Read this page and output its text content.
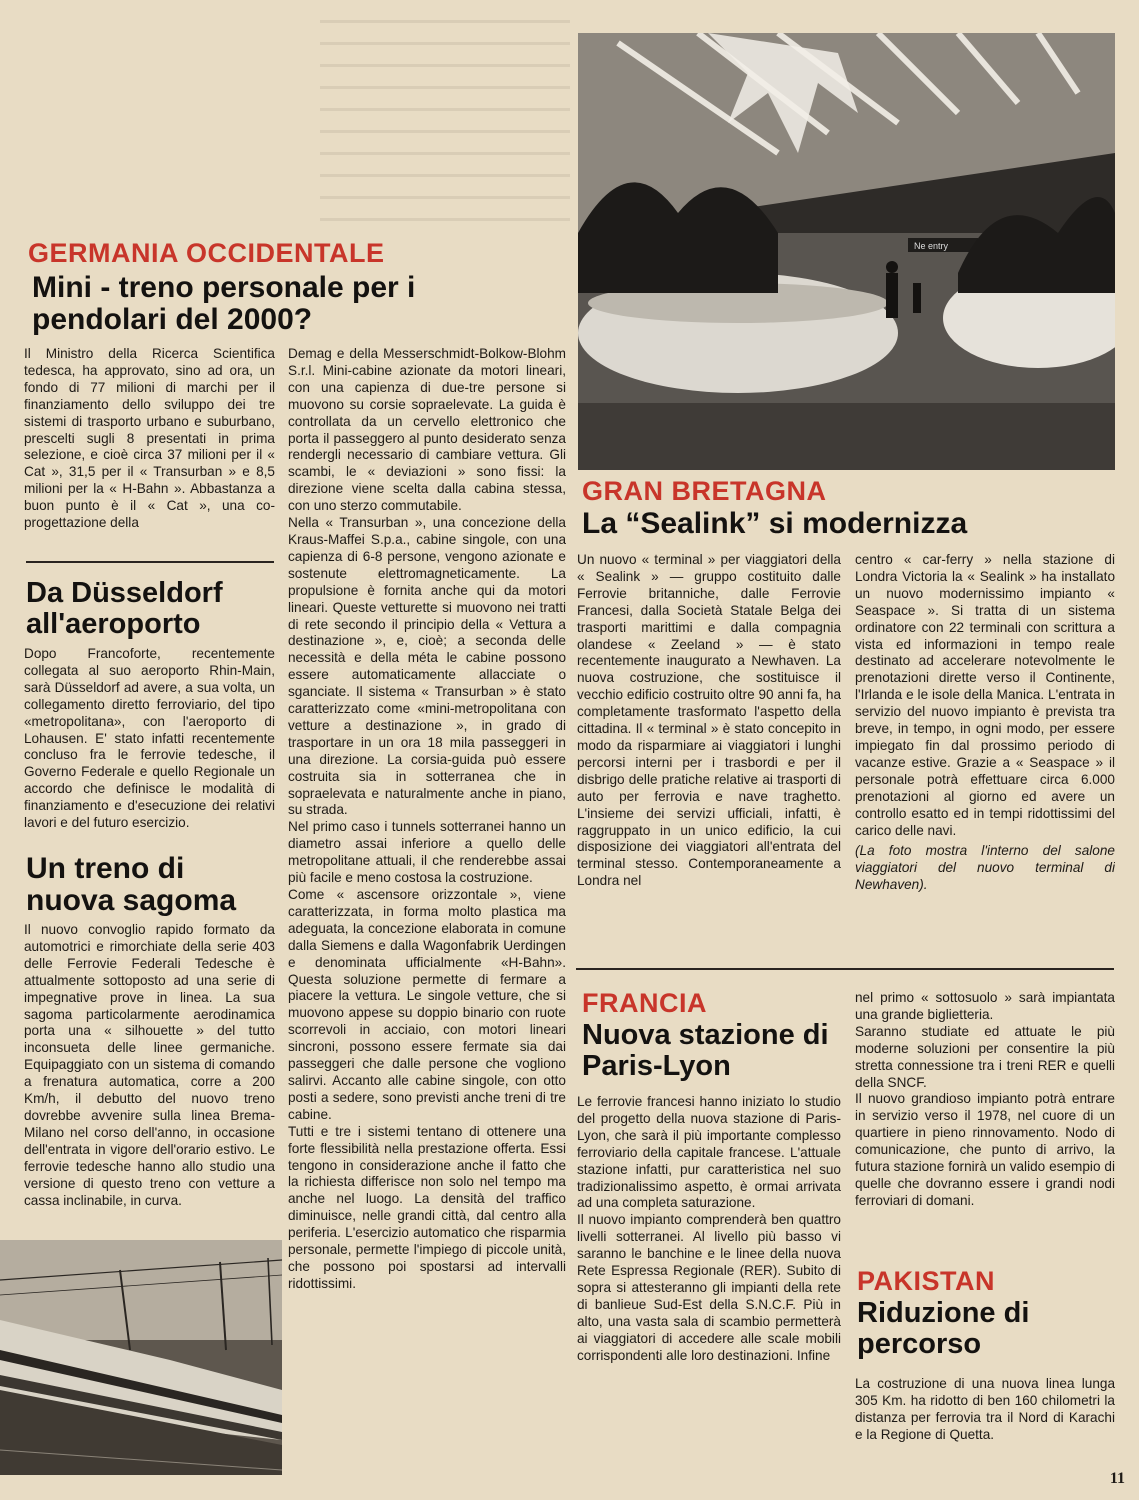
GERMANIA OCCIDENTALE
Mini - treno personale per i pendolari del 2000?

Il Ministro della Ricerca Scientifica tedesca, ha approvato, sino ad ora, un fondo di 77 milioni di marchi per il finanziamento dello sviluppo dei tre sistemi di trasporto urbano e suburbano, prescelti sugli 8 presentati in prima selezione, e cioè circa 37 milioni per il « Cat », 31,5 per il « Transurban » e 8,5 milioni per la « H-Bahn ». Abbastanza a buon punto è il « Cat », una co-progettazione della

Demag e della Messerschmidt-Bolkow-Blohm S.r.l. Mini-cabine azionate da motori lineari, con una capienza di due-tre persone si muovono su corsie sopraelevate. La guida è controllata da un cervello elettronico che porta il passeggero al punto desiderato senza rendergli necessario di cambiare vettura. Gli scambi, le « deviazioni » sono fissi: la direzione viene scelta dalla cabina stessa, con uno sterzo commutabile.

Nella « Transurban », una concezione della Kraus-Maffei S.p.a., cabine singole, con una capienza di 6-8 persone, vengono azionate e sostenute elettromagneticamente. La propulsione è fornita anche qui da motori lineari. Queste vetturette si muovono nei tratti di rete secondo il principio della « Vettura a destinazione », e, cioè; a seconda delle necessità e della méta le cabine possono essere automaticamente allacciate o sganciate. Il sistema « Transurban » è stato caratterizzato come «mini-metropolitana con vetture a destinazione », in grado di trasportare in un ora 18 mila passeggeri in una direzione. La corsia-guida può essere costruita sia in sotterranea che in sopraelevata e naturalmente anche in piano, su strada.

Nel primo caso i tunnels sotterranei hanno un diametro assai inferiore a quello delle metropolitane attuali, il che renderebbe assai più facile e meno costosa la costruzione.

Come « ascensore orizzontale », viene caratterizzata, in forma molto plastica ma adeguata, la concezione elaborata in comune dalla Siemens e dalla Wagonfabrik Uerdingen e denominata ufficialmente «H-Bahn». Questa soluzione permette di fermare a piacere la vettura. Le singole vetture, che si muovono appese su doppio binario con ruote scorrevoli in acciaio, con motori lineari sincroni, possono essere fermate sia dai passeggeri che dalle persone che vogliono salirvi. Accanto alle cabine singole, con otto posti a sedere, sono previsti anche treni di tre cabine.

Tutti e tre i sistemi tentano di ottenere una forte flessibilità nella prestazione offerta. Essi tengono in considerazione anche il fatto che la richiesta differisce non solo nel tempo ma anche nel luogo. La densità del traffico diminuisce, nelle grandi città, dal centro alla periferia. L'esercizio automatico che risparmia personale, permette l'impiego di piccole unità, che possono poi spostarsi ad intervalli ridottissimi.

Da Düsseldorf all'aeroporto

Dopo Francoforte, recentemente collegata al suo aeroporto Rhin-Main, sarà Düsseldorf ad avere, a sua volta, un collegamento diretto ferroviario, del tipo «metropolitana», con l'aeroporto di Lohausen. E' stato infatti recentemente concluso fra le ferrovie tedesche, il Governo Federale e quello Regionale un accordo che definisce le modalità di finanziamento e d'esecuzione dei relativi lavori e del futuro esercizio.

Un treno di nuova sagoma

Il nuovo convoglio rapido formato da automotrici e rimorchiate della serie 403 delle Ferrovie Federali Tedesche è attualmente sottoposto ad una serie di impegnative prove in linea. La sua sagoma particolarmente aerodinamica porta una « silhouette » del tutto inconsueta delle linee germaniche. Equipaggiato con un sistema di comando a frenatura automatica, corre a 200 Km/h, il debutto del nuovo treno dovrebbe avvenire sulla linea Brema-Milano nel corso dell'anno, in occasione dell'entrata in vigore dell'orario estivo. Le ferrovie tedesche hanno allo studio una versione di questo treno con vetture a cassa inclinabile, in curva.

Ne entry
GRAN BRETAGNA
La “Sealink” si modernizza

Un nuovo « terminal » per viaggiatori della « Sealink » — gruppo costituito dalle Ferrovie britanniche, dalle Ferrovie Francesi, dalla Società Statale Belga dei trasporti marittimi e dalla compagnia olandese « Zeeland » — è stato recentemente inaugurato a Newhaven. La nuova costruzione, che sostituisce il vecchio edificio costruito oltre 90 anni fa, ha completamente trasformato l'aspetto della cittadina. Il « terminal » è stato concepito in modo da risparmiare ai viaggiatori i lunghi percorsi interni per i trasbordi e per il disbrigo delle pratiche relative ai trasporti di auto per ferrovia e nave traghetto. L'insieme dei servizi ufficiali, infatti, è raggruppato in un unico edificio, la cui disposizione dei viaggiatori all'entrata del terminal stesso. Contemporaneamente a Londra nel

centro « car-ferry » nella stazione di Londra Victoria la « Sealink » ha installato un nuovo modernissimo impianto « Seaspace ». Si tratta di un sistema ordinatore con 22 terminali con scrittura a vista ed informazioni in tempo reale destinato ad accelerare notevolmente le prenotazioni dirette verso il Continente, l'Irlanda e le isole della Manica. L'entrata in servizio del nuovo impianto è prevista tra breve, in tempo, in ogni modo, per essere impiegato fin dal prossimo periodo di vacanze estive. Grazie a « Seaspace » il personale potrà effettuare circa 6.000 prenotazioni al giorno ed avere un controllo esatto ed in tempi ridottissimi del carico delle navi.

(La foto mostra l'interno del salone viaggiatori del nuovo terminal di Newhaven).

FRANCIA
Nuova stazione di Paris-Lyon

Le ferrovie francesi hanno iniziato lo studio del progetto della nuova stazione di Paris-Lyon, che sarà il più importante complesso ferroviario della capitale francese. L'attuale stazione infatti, pur caratteristica nel suo tradizionalissimo aspetto, è ormai arrivata ad una completa saturazione.

Il nuovo impianto comprenderà ben quattro livelli sotterranei. Al livello più basso vi saranno le banchine e le linee della nuova Rete Espressa Regionale (RER). Subito di sopra si attesteranno gli impianti della rete di banlieue Sud-Est della S.N.C.F. Più in alto, una vasta sala di scambio permetterà ai viaggiatori di accedere alle scale mobili corrispondenti alle loro destinazioni. Infine

nel primo « sottosuolo » sarà impiantata una grande biglietteria.

Saranno studiate ed attuate le più moderne soluzioni per consentire la più stretta connessione tra i treni RER e quelli della SNCF.

Il nuovo grandioso impianto potrà entrare in servizio verso il 1978, nel cuore di un quartiere in pieno rinnovamento. Nodo di comunicazione, che punto di arrivo, la futura stazione fornirà un valido esempio di quelle che dovranno essere i grandi nodi ferroviari di domani.

PAKISTAN
Riduzione di percorso

La costruzione di una nuova linea lunga 305 Km. ha ridotto di ben 160 chilometri la distanza per ferrovia tra il Nord di Karachi e la Regione di Quetta.

11
